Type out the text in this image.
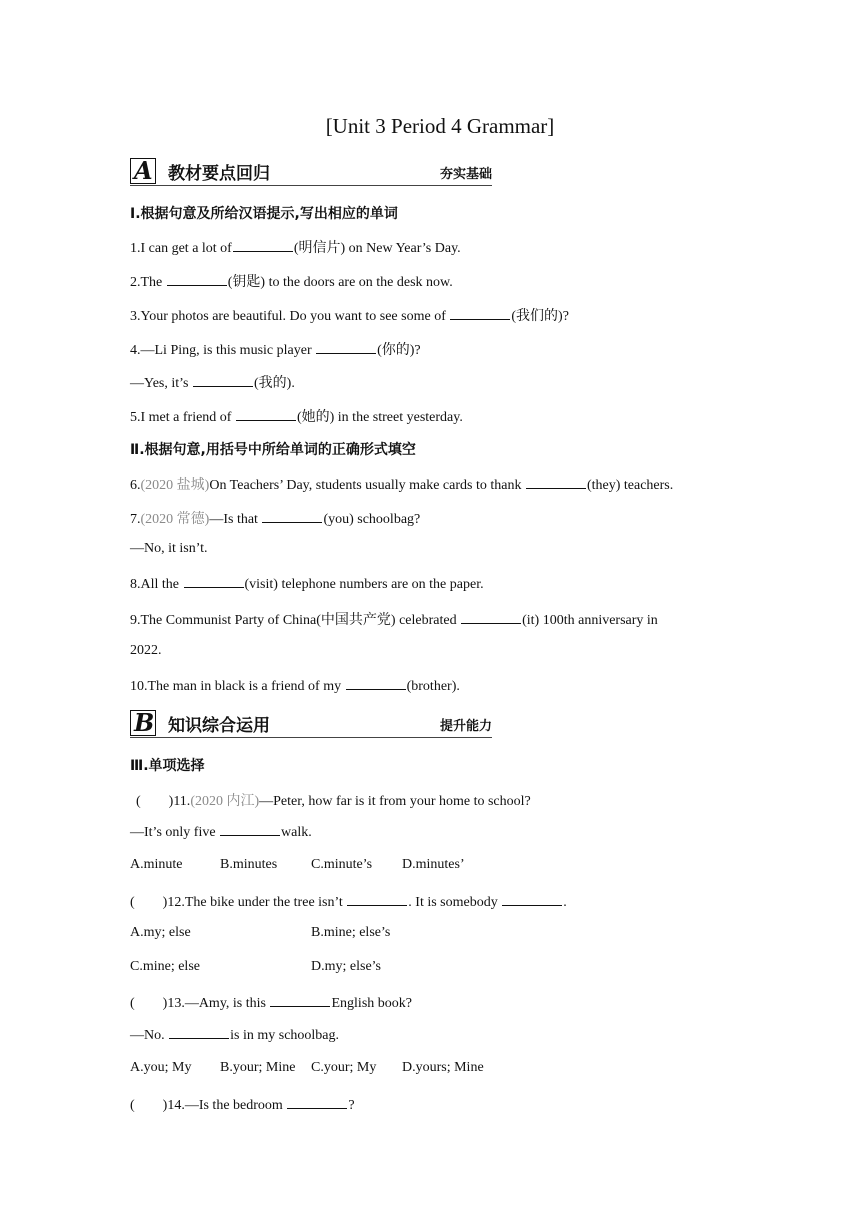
[Unit 3 Period 4 Grammar]
A 教材要点回归	夯实基础
Ⅰ.根据句意及所给汉语提示,写出相应的单词
1.I can get a lot of	(明信片) on New Year’s Day.
2.The	(钥匙) to the doors are on the desk now.
3.Your photos are beautiful. Do you want to see some of	(我们的)?
4.—Li Ping, is this music player	(你的)?
—Yes, it’s	(我的).
5.I met a friend of	(她的) in the street yesterday.
Ⅱ.根据句意,用括号中所给单词的正确形式填空
6.(2020 盐城)On Teachers’ Day, students usually make cards to thank	(they) teachers.
7.(2020 常德)—Is that	(you) schoolbag?
—No, it isn’t.
8.All the	(visit) telephone numbers are on the paper.
9.The Communist Party of China(中国共产党) celebrated	(it) 100th anniversary in
2022.
10.The man in black is a friend of my	(brother).
B 知识综合运用	提升能力
Ⅲ.单项选择
(　　)11.(2020 内江)—Peter, how far is it from your home to school?
—It’s only five	walk.
A.minute	B.minutes C.minute’s D.minutes’
(　　)12.The bike under the tree isn’t	. It is somebody	.
A.my; else	B.mine; else’s
C.mine; else	D.my; else’s
(　　)13.—Amy, is this	English book?
—No.	is in my schoolbag.
A.you; My B.your; Mine C.your; My D.yours; Mine
(　　)14.—Is the bedroom	?
